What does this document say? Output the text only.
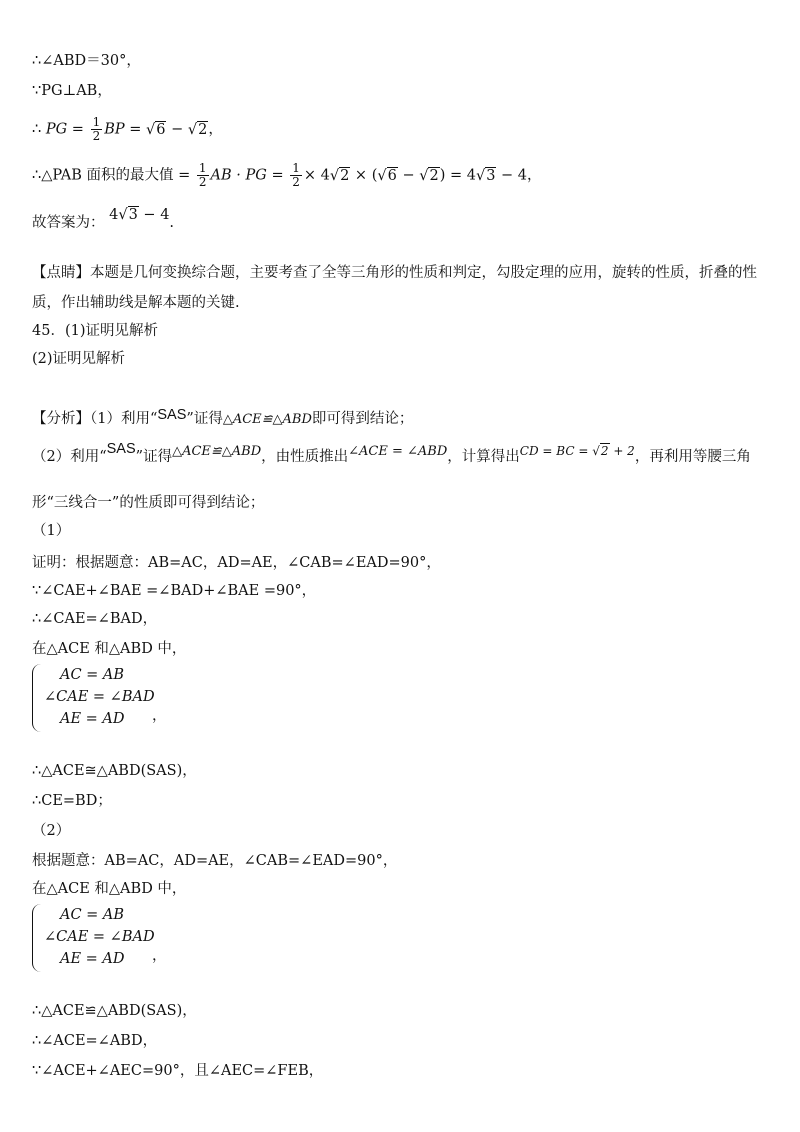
∴∠ABD＝30°，
∵PG⊥AB，
∴ PG = $\frac{1}{2}$ BP = √6 − √2，
∴△PAB 面积的最大值 = $\frac{1}{2}$ AB · PG = $\frac{1}{2} \times 4√2 \times (√6 - √2) = 4√3 - 4$，
故答案为： 4√3 − 4.
【点睛】本题是几何变换综合题，主要考查了全等三角形的性质和判定，勾股定理的应用，旋转的性质，折叠的性质，作出辅助线是解本题的关键.
45．(1)证明见解析
(2)证明见解析
【分析】（1）利用“SAS”证得△ACE≌△ABD即可得到结论；
（2）利用“SAS”证得△ACE≌△ABD，由性质推出∠ACE = ∠ABD，计算得出$^{CD = BC = √2 + 2}$，再利用等腰三角
形“三线合一”的性质即可得到结论；
（1）
证明：根据题意：AB=AC，AD=AE，∠CAB=∠EAD=90°，
∵∠CAE+∠BAE =∠BAD+∠BAE =90°，
∴∠CAE=∠BAD，
在△ACE 和△ABD 中，
AC = AB
∠CAE = ∠BAD
AE = AD	，
∴△ACE≅△ABD(SAS)，
∴CE=BD；
（2）
根据题意：AB=AC，AD=AE，∠CAB=∠EAD=90°，
在△ACE 和△ABD 中，
AC = AB
∠CAE = ∠BAD
AE = AD	，
∴△ACE≌△ABD(SAS)，
∴∠ACE=∠ABD，
∵∠ACE+∠AEC=90°，且∠AEC=∠FEB，
